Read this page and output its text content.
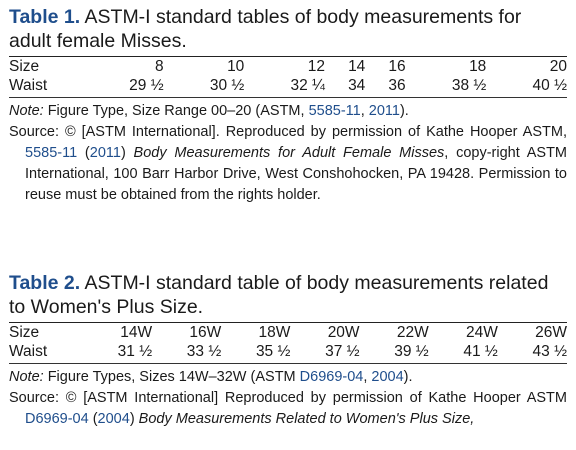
Table 1. ASTM-I standard tables of body measurements for adult female Misses.
Size	8	10	12	14	16	18	20
Waist	29 ½	30 ½	32 ¼	34	36	38 ½	40 ½

Note: Figure Type, Size Range 00–20 (ASTM, 5585-11, 2011).

Source: © [ASTM International]. Reproduced by permission of Kathe Hooper ASTM, 5585-11 (2011) Body Measurements for Adult Female Misses, copy-right ASTM International, 100 Barr Harbor Drive, West Conshohocken, PA 19428. Permission to reuse must be obtained from the rights holder.

Table 2. ASTM-I standard table of body measurements related to Women's Plus Size.
Size	14W	16W	18W	20W	22W	24W	26W
Waist	31 ½	33 ½	35 ½	37 ½	39 ½	41 ½	43 ½

Note: Figure Types, Sizes 14W–32W (ASTM D6969-04, 2004).

Source: © [ASTM International] Reproduced by permission of Kathe Hooper ASTM D6969-04 (2004) Body Measurements Related to Women's Plus Size,
